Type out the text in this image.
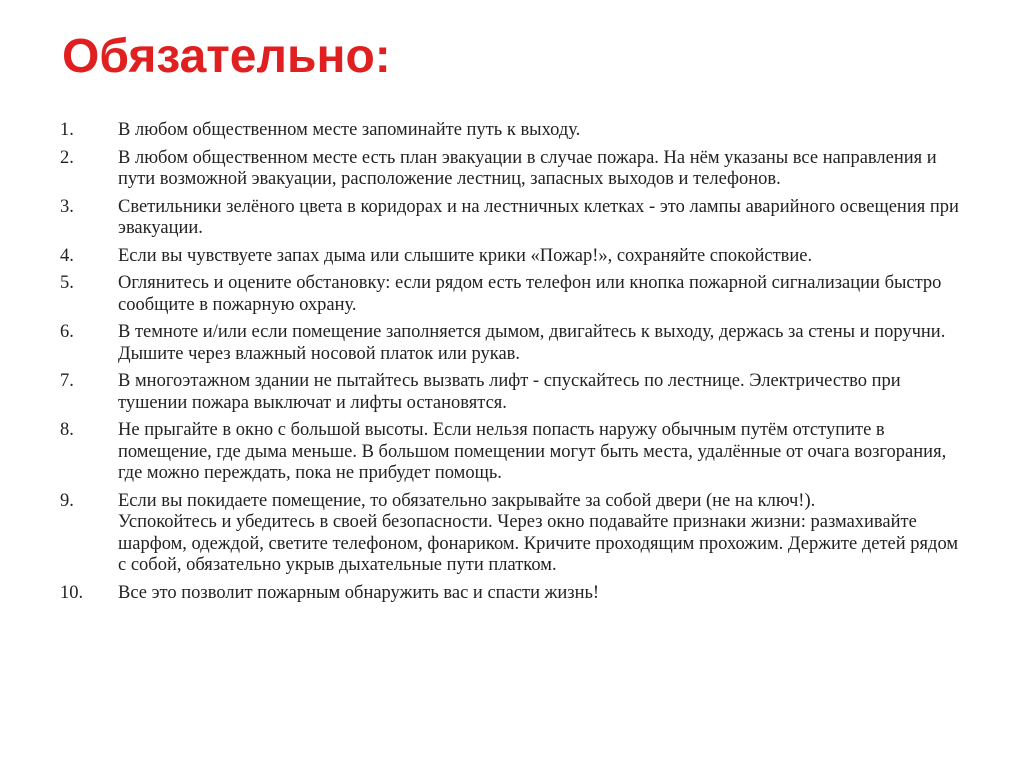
Обязательно:
1.	В любом общественном месте запоминайте путь к выходу.
2.	В любом общественном месте есть план эвакуации в случае пожара. На нём указаны все направления и пути возможной эвакуации, расположение лестниц, запасных выходов и телефонов.
3.	Светильники зелёного цвета в коридорах и на лестничных клетках - это лампы аварийного освещения при эвакуации.
4.	Если вы чувствуете запах дыма или слышите крики «Пожар!», сохраняйте спокойствие.
5.	Оглянитесь и оцените обстановку: если рядом есть телефон или кнопка пожарной сигнализации быстро сообщите в пожарную охрану.
6.	В темноте и/или если помещение заполняется дымом, двигайтесь к выходу, держась за стены и поручни. Дышите через влажный носовой платок или рукав.
7.	В многоэтажном здании не пытайтесь вызвать лифт - спускайтесь по лестнице. Электричество при тушении пожара выключат и лифты остановятся.
8.	Не прыгайте в окно с большой высоты. Если нельзя попасть наружу обычным путём отступите в помещение, где дыма меньше. В большом помещении могут быть места, удалённые от очага возгорания, где можно переждать, пока не прибудет помощь.
9.	Если вы покидаете помещение, то обязательно закрывайте за собой двери (не на ключ!).
Успокойтесь и убедитесь в своей безопасности. Через окно подавайте признаки жизни: размахивайте шарфом, одеждой, светите телефоном, фонариком. Кричите проходящим прохожим. Держите детей рядом с собой, обязательно укрыв дыхательные пути платком.
10.	Все это позволит пожарным обнаружить вас и спасти жизнь!
